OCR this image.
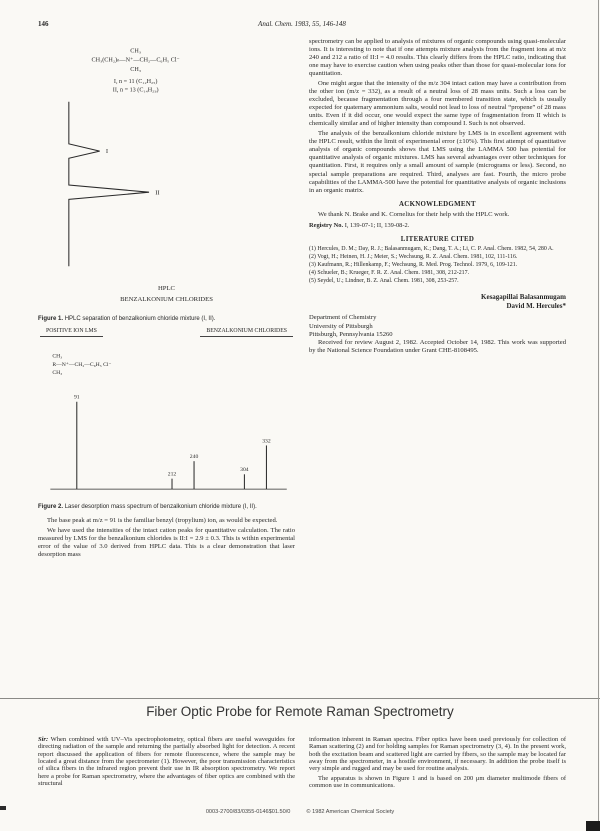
146	Anal. Chem. 1983, 55, 146-148
CH₃
CH₃(CH₂)ₙ—N⁺—CH₂—C₆H₅ Cl⁻
CH₃
I, n = 11 (C₁₂H₂₅)
II, n = 13 (C₁₄H₂₉)
I
II
HPLC
BENZALKONIUM CHLORIDES
Figure 1. HPLC separation of benzalkonium chloride mixture (I, II).
POSITIVE ION LMS	BENZALKONIUM CHLORIDES
CH₃
R—N⁺—CH₂—C₆H₅ Cl⁻
CH₃
91
212
240
304
332
Figure 2. Laser desorption mass spectrum of benzalkonium chloride mixture (I, II).

The base peak at m/z = 91 is the familiar benzyl (tropylium) ion, as would be expected.

We have used the intensities of the intact cation peaks for quantitative calculation. The ratio measured by LMS for the benzalkonium chlorides is II:I = 2.9 ± 0.3. This is within experimental error of the value of 3.0 derived from HPLC data. This is a clear demonstration that laser desorption mass

spectrometry can be applied to analysis of mixtures of organic compounds using quasi-molecular ions. It is interesting to note that if one attempts mixture analysis from the fragment ions at m/z 240 and 212 a ratio of II:I = 4.0 results. This clearly differs from the HPLC ratio, indicating that one may have to exercise caution when using peaks other than those for quasi-molecular ions for quantitation.

One might argue that the intensity of the m/z 304 intact cation may have a contribution from the other ion (m/z = 332), as a result of a neutral loss of 28 mass units. Such a loss can be excluded, because fragmentation through a four membered transition state, which is usually expected for quaternary ammonium salts, would not lead to loss of neutral “propene” of 28 mass units. Even if it did occur, one would expect the same type of fragmentation from II which is chemically similar and of higher intensity than compound I. Such is not observed.

The analysis of the benzalkonium chloride mixture by LMS is in excellent agreement with the HPLC result, within the limit of experimental error (±10%). This first attempt of quantitative analysis of organic compounds shows that LMS using the LAMMA 500 has potential for quantitative analysis of organic mixtures. LMS has several advantages over other techniques for quantitation. First, it requires only a small amount of sample (micrograms or less). Second, no special sample preparations are required. Third, analyses are fast. Fourth, the micro probe capabilities of the LAMMA-500 have the potential for quantitative analysis of organic inclusions in an organic matrix.

ACKNOWLEDGMENT

We thank N. Brake and K. Cornelius for their help with the HPLC work.

Registry No. I, 139-07-1; II, 139-08-2.

LITERATURE CITED
(1) Hercules, D. M.; Day, R. J.; Balasanmugam, K.; Dang, T. A.; Li, C. P. Anal. Chem. 1982, 54, 280 A.
(2) Vogt, H.; Heinen, H. J.; Meier, S.; Wechsung, R. Z. Anal. Chem. 1981, 102, 111-116.
(3) Kaufmann, R.; Hillenkamp, F.; Wechsung, R. Med. Prog. Technol. 1979, 6, 109-121.
(4) Schueler, B.; Krueger, F. R. Z. Anal. Chem. 1981, 308, 212-217.
(5) Seydel, U.; Lindner, B. Z. Anal. Chem. 1981, 308, 253-257.
Kesagapillai Balasanmugam
David M. Hercules*
Department of Chemistry
University of Pittsburgh
Pittsburgh, Pennsylvania 15260

Received for review August 2, 1982. Accepted October 14, 1982. This work was supported by the National Science Foundation under Grant CHE-8108495.

Fiber Optic Probe for Remote Raman Spectrometry

Sir: When combined with UV–Vis spectrophotometry, optical fibers are useful waveguides for directing radiation of the sample and returning the partially absorbed light for detection. A recent report discussed the application of fibers for remote fluorescence, where the sample may be located a great distance from the spectrometer (1). However, the poor transmission characteristics of silica fibers in the infrared region prevent their use in IR absorption spectrometry. We report here a probe for Raman spectrometry, where the advantages of fiber optics are combined with the structural

information inherent in Raman spectra. Fiber optics have been used previously for collection of Raman scattering (2) and for holding samples for Raman spectrometry (3, 4). In the present work, both the excitation beam and scattered light are carried by fibers, so the sample may be located far away from the spectrometer, in a hostile environment, if necessary. In addition the probe itself is very simple and rugged and may be used for routine analysis.

The apparatus is shown in Figure 1 and is based on 200 μm diameter multimode fibers of common use in communications.

0003-2700/83/0355-0146$01.50/0	© 1982 American Chemical Society
